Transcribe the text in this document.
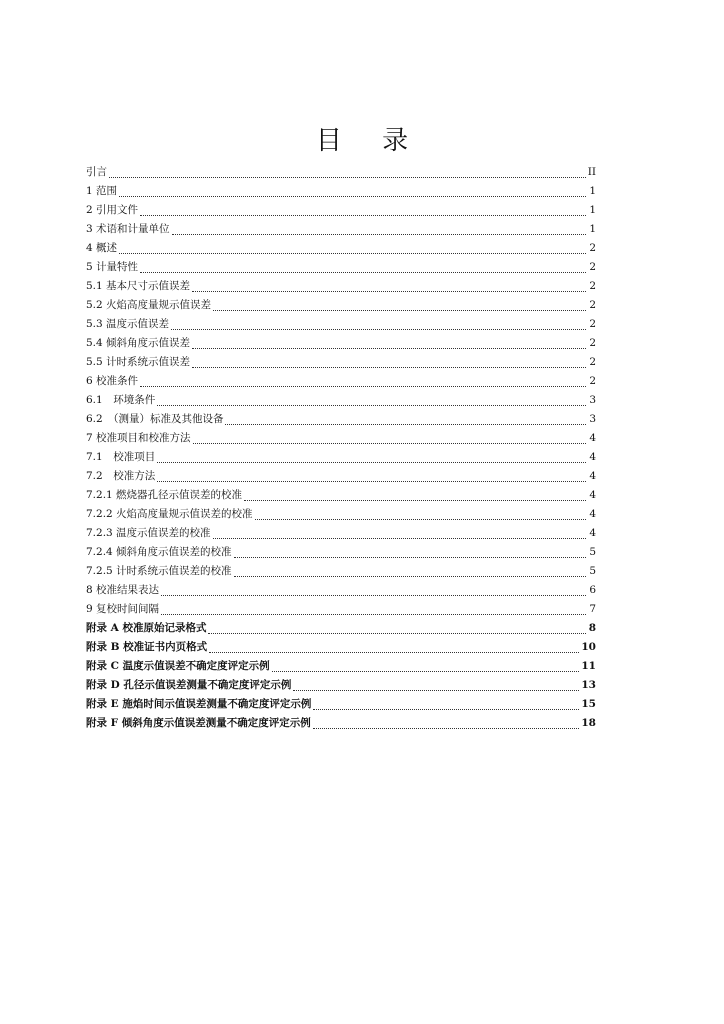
目 录
引言	II
1 范围	1
2 引用文件	1
3 术语和计量单位	1
4 概述	2
5 计量特性	2
5.1 基本尺寸示值误差	2
5.2 火焰高度量规示值误差	2
5.3 温度示值误差	2
5.4 倾斜角度示值误差	2
5.5 计时系统示值误差	2
6 校准条件	2
6.1　环境条件	3
6.2　（测量）标准及其他设备	3
7 校准项目和校准方法	4
7.1　校准项目	4
7.2　校准方法	4
7.2.1 燃烧器孔径示值误差的校准	4
7.2.2 火焰高度量规示值误差的校准	4
7.2.3 温度示值误差的校准	4
7.2.4 倾斜角度示值误差的校准	5
7.2.5 计时系统示值误差的校准	5
8 校准结果表达	6
9 复校时间间隔	7
附录 A 校准原始记录格式	8
附录 B 校准证书内页格式	10
附录 C 温度示值误差不确定度评定示例	11
附录 D 孔径示值误差测量不确定度评定示例	13
附录 E 施焰时间示值误差测量不确定度评定示例	15
附录 F 倾斜角度示值误差测量不确定度评定示例	18
